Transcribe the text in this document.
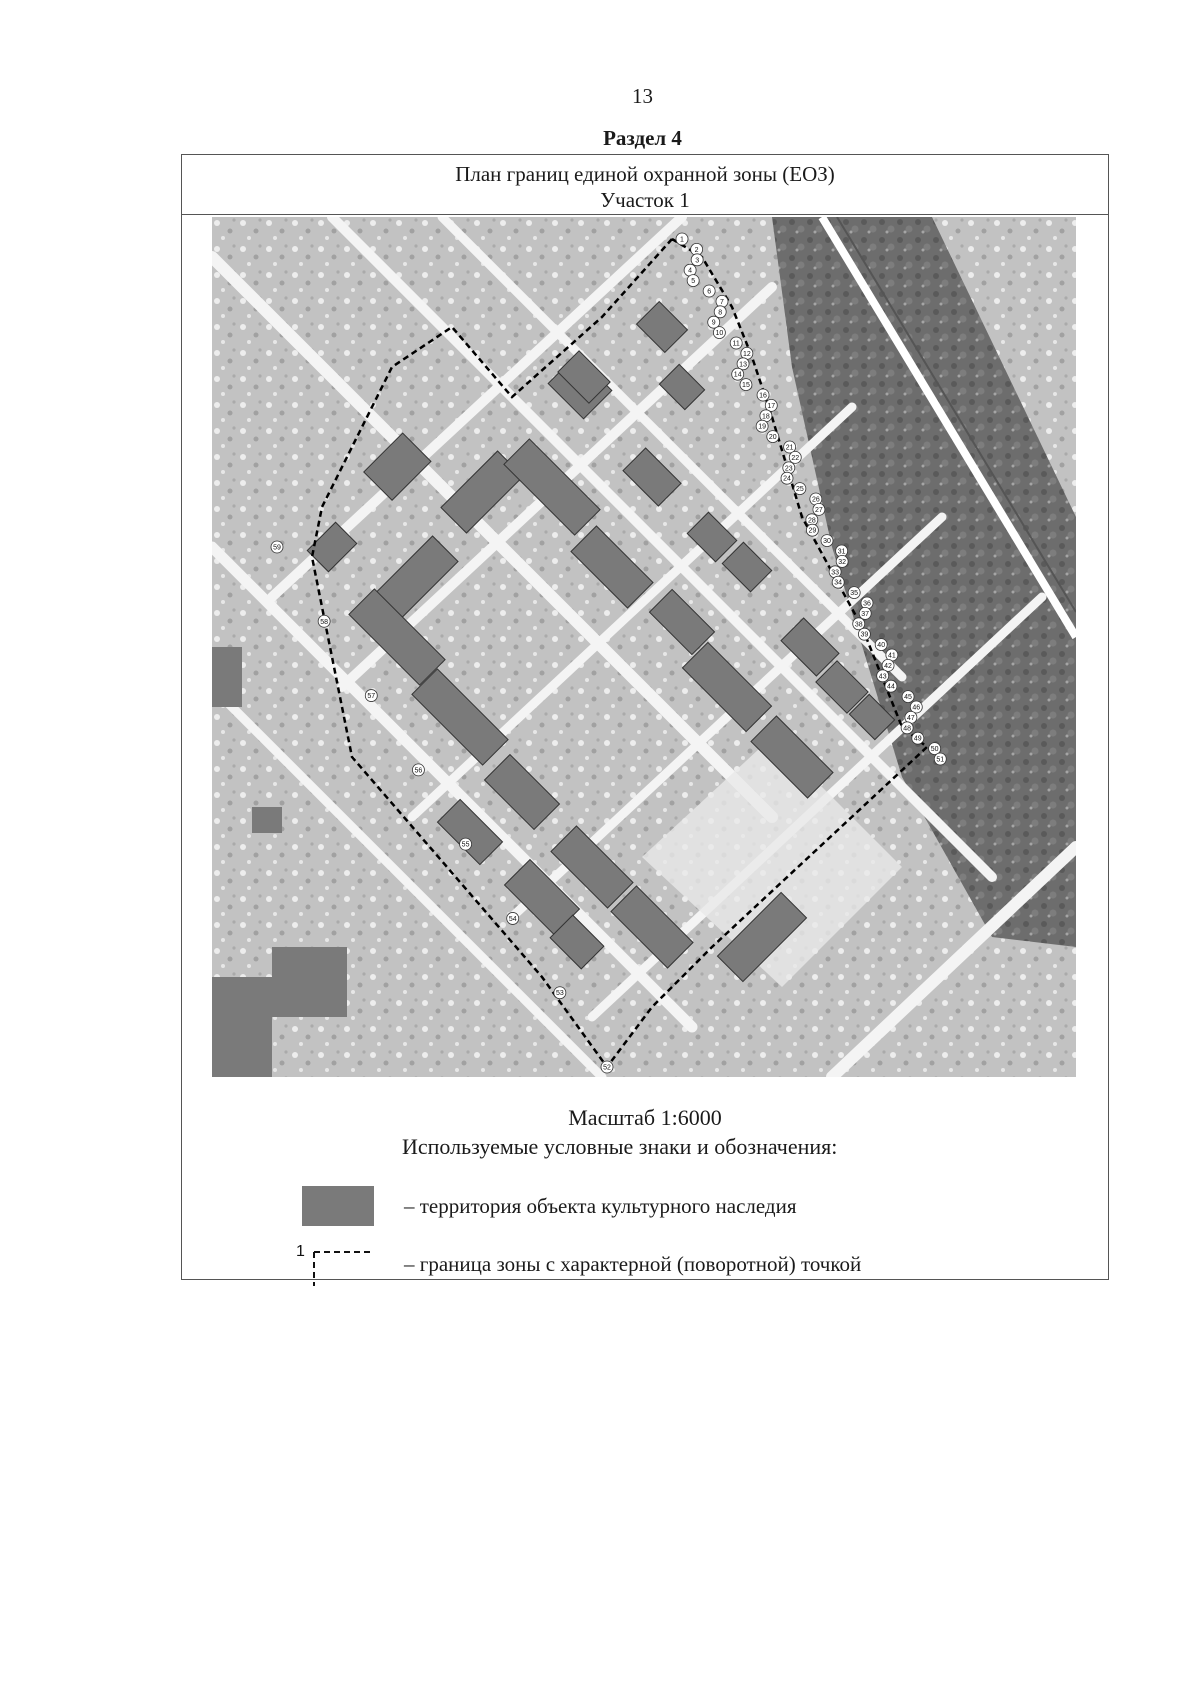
13
Раздел 4
План границ единой охранной зоны (ЕОЗ)
Участок 1
1
2
3
4
5
6
7
8
9
10
11
12
13
14
15
16
17
18
19
20
21
22
23
24
25
26
27
28
29
30
31
32
33
34
35
36
37
38
39
40
41
42
43
44
45
46
47
48
49
50
51
52
53
54
55
56
57
58
59
Масштаб 1:6000
Используемые условные знаки и обозначения:
– территория объекта культурного наследия
1
– граница зоны с характерной (поворотной) точкой
